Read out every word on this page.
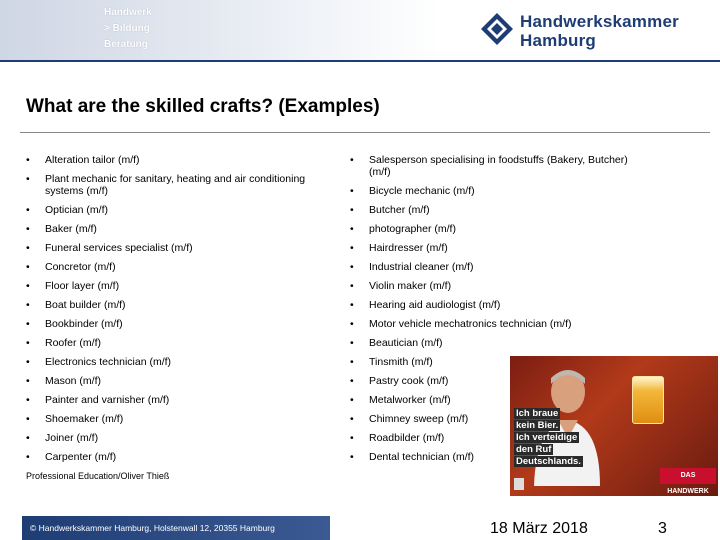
Handwerk
> Bildung
Beratung
Handwerkskammer
Hamburg
What are the skilled crafts? (Examples)
• Alteration tailor (m/f)
• Plant mechanic for sanitary, heating and air conditioning systems (m/f)
• Optician (m/f)
• Baker (m/f)
• Funeral services specialist (m/f)
• Concretor (m/f)
• Floor layer (m/f)
• Boat builder (m/f)
• Bookbinder (m/f)
• Roofer (m/f)
• Electronics technician (m/f)
• Mason (m/f)
• Painter and varnisher (m/f)
• Shoemaker (m/f)
• Joiner (m/f)
• Carpenter (m/f)
• Salesperson specialising in foodstuffs (Bakery, Butcher) (m/f)
• Bicycle mechanic (m/f)
• Butcher (m/f)
• photographer (m/f)
• Hairdresser (m/f)
• Industrial cleaner (m/f)
• Violin maker (m/f)
• Hearing aid audiologist (m/f)
• Motor vehicle mechatronics technician (m/f)
• Beautician (m/f)
• Tinsmith (m/f)
• Pastry cook (m/f)
• Metalworker (m/f)
• Chimney sweep (m/f)
• Roadbilder (m/f)
• Dental technician (m/f)
Ich braue
kein Bier.
Ich verteidige
den Ruf
Deutschlands.
DAS HANDWERK
Professional Education/Oliver Thieß
© Handwerkskammer Hamburg, Holstenwall 12, 20355 Hamburg	18 März 2018	3
